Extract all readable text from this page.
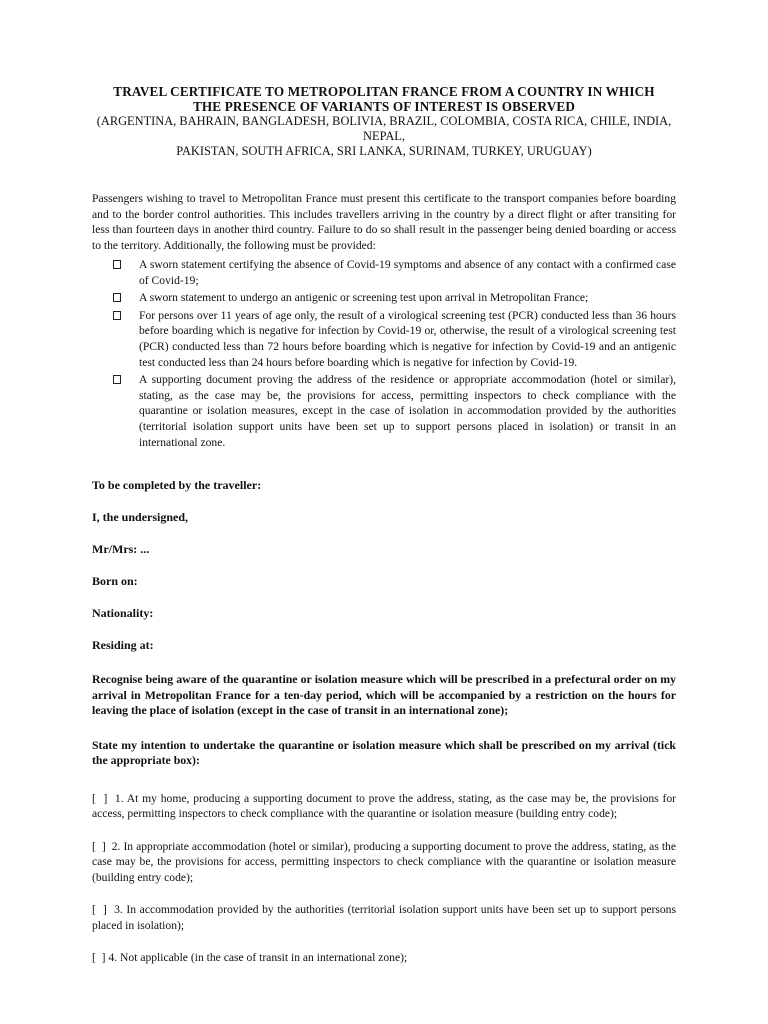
TRAVEL CERTIFICATE TO METROPOLITAN FRANCE FROM A COUNTRY IN WHICH
THE PRESENCE OF VARIANTS OF INTEREST IS OBSERVED
(ARGENTINA, BAHRAIN, BANGLADESH, BOLIVIA, BRAZIL, COLOMBIA, COSTA RICA, CHILE, INDIA, NEPAL,
PAKISTAN, SOUTH AFRICA, SRI LANKA, SURINAM, TURKEY, URUGUAY)
Passengers wishing to travel to Metropolitan France must present this certificate to the transport companies before boarding and to the border control authorities. This includes travellers arriving in the country by a direct flight or after transiting for less than fourteen days in another third country. Failure to do so shall result in the passenger being denied boarding or access to the territory. Additionally, the following must be provided:
A sworn statement certifying the absence of Covid-19 symptoms and absence of any contact with a confirmed case of Covid-19;
A sworn statement to undergo an antigenic or screening test upon arrival in Metropolitan France;
For persons over 11 years of age only, the result of a virological screening test (PCR) conducted less than 36 hours before boarding which is negative for infection by Covid-19 or, otherwise, the result of a virological screening test (PCR) conducted less than 72 hours before boarding which is negative for infection by Covid-19 and an antigenic test conducted less than 24 hours before boarding which is negative for infection by Covid-19.
A supporting document proving the address of the residence or appropriate accommodation (hotel or similar), stating, as the case may be, the provisions for access, permitting inspectors to check compliance with the quarantine or isolation measures, except in the case of isolation in accommodation provided by the authorities (territorial isolation support units have been set up to support persons placed in isolation) or transit in an international zone.
To be completed by the traveller:
I, the undersigned,
Mr/Mrs: ...
Born on:
Nationality:
Residing at:
Recognise being aware of the quarantine or isolation measure which will be prescribed in a prefectural order on my arrival in Metropolitan France for a ten-day period, which will be accompanied by a restriction on the hours for leaving the place of isolation (except in the case of transit in an international zone);
State my intention to undertake the quarantine or isolation measure which shall be prescribed on my arrival (tick the appropriate box):
[  ] 1. At my home, producing a supporting document to prove the address, stating, as the case may be, the provisions for access, permitting inspectors to check compliance with the quarantine or isolation measure (building entry code);
[  ] 2. In appropriate accommodation (hotel or similar), producing a supporting document to prove the address, stating, as the case may be, the provisions for access, permitting inspectors to check compliance with the quarantine or isolation measure (building entry code);
[  ] 3. In accommodation provided by the authorities (territorial isolation support units have been set up to support persons placed in isolation);
[  ] 4. Not applicable (in the case of transit in an international zone);
